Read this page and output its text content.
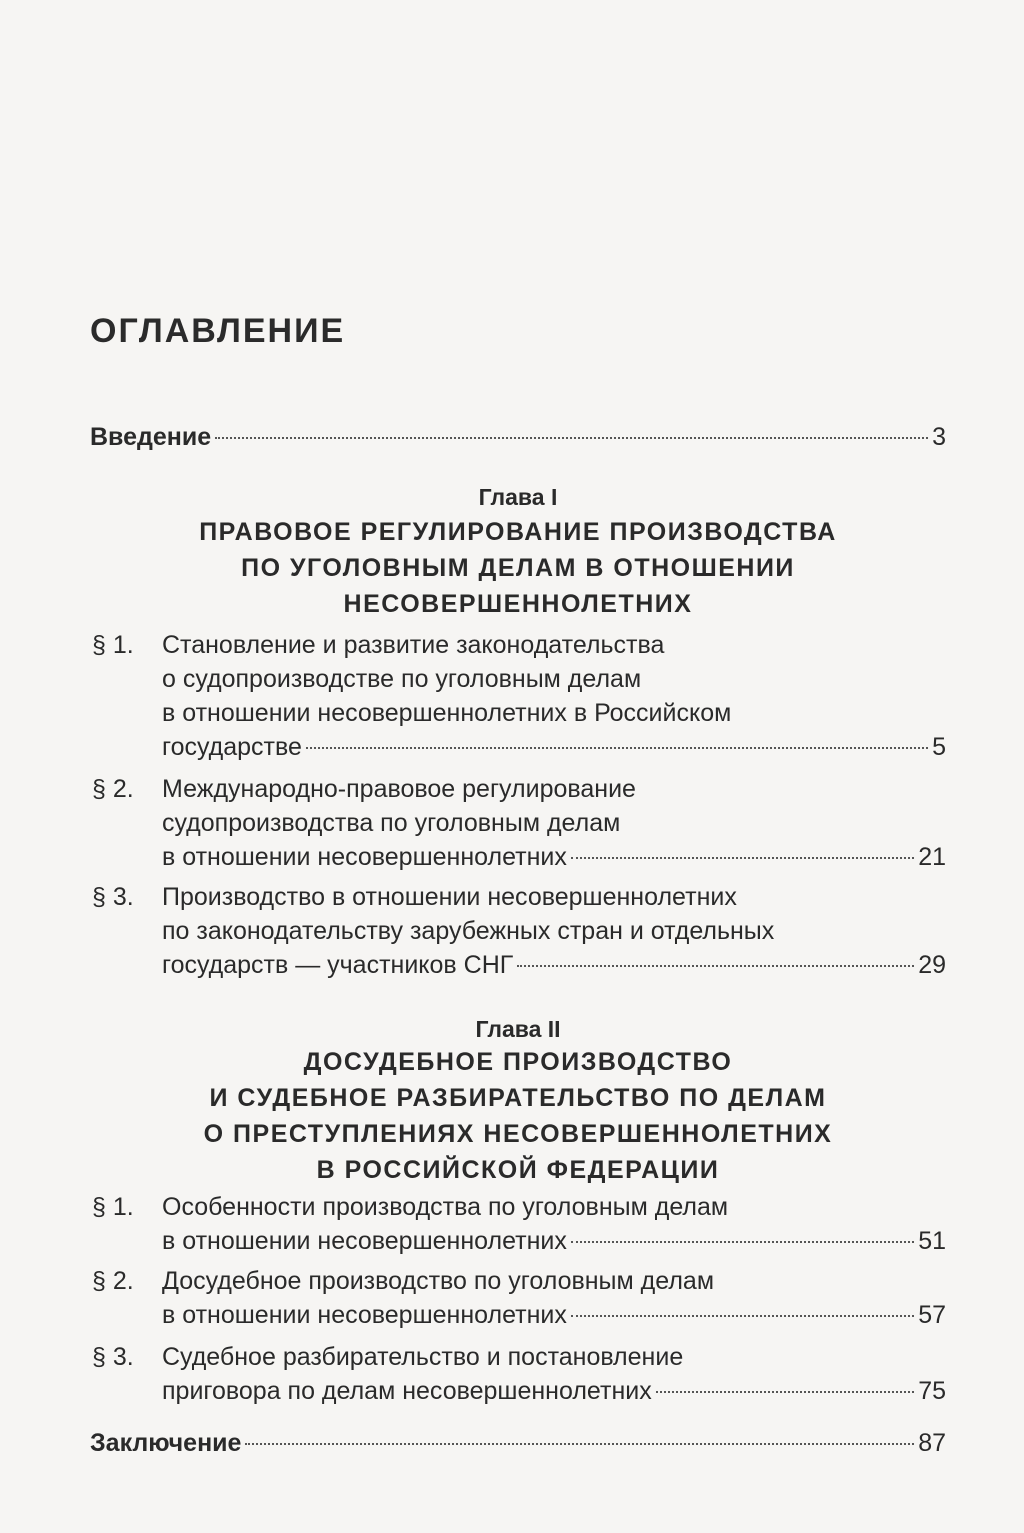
ОГЛАВЛЕНИЕ
Введение	3

Глава I

ПРАВОВОЕ РЕГУЛИРОВАНИЕ ПРОИЗВОДСТВА
ПО УГОЛОВНЫМ ДЕЛАМ В ОТНОШЕНИИ
НЕСОВЕРШЕННОЛЕТНИХ
§ 1. Становление и развитие законодательства
о судопроизводстве по уголовным делам
в отношении несовершеннолетних в Российском
государстве	5
§ 2. Международно-правовое регулирование
судопроизводства по уголовным делам
в отношении несовершеннолетних	21
§ 3. Производство в отношении несовершеннолетних
по законодательству зарубежных стран и отдельных
государств — участников СНГ	29

Глава II

ДОСУДЕБНОЕ ПРОИЗВОДСТВО
И СУДЕБНОЕ РАЗБИРАТЕЛЬСТВО ПО ДЕЛАМ
О ПРЕСТУПЛЕНИЯХ НЕСОВЕРШЕННОЛЕТНИХ
В РОССИЙСКОЙ ФЕДЕРАЦИИ
§ 1. Особенности производства по уголовным делам
в отношении несовершеннолетних	51
§ 2. Досудебное производство по уголовным делам
в отношении несовершеннолетних	57
§ 3. Судебное разбирательство и постановление
приговора по делам несовершеннолетних	75
Заключение	87
